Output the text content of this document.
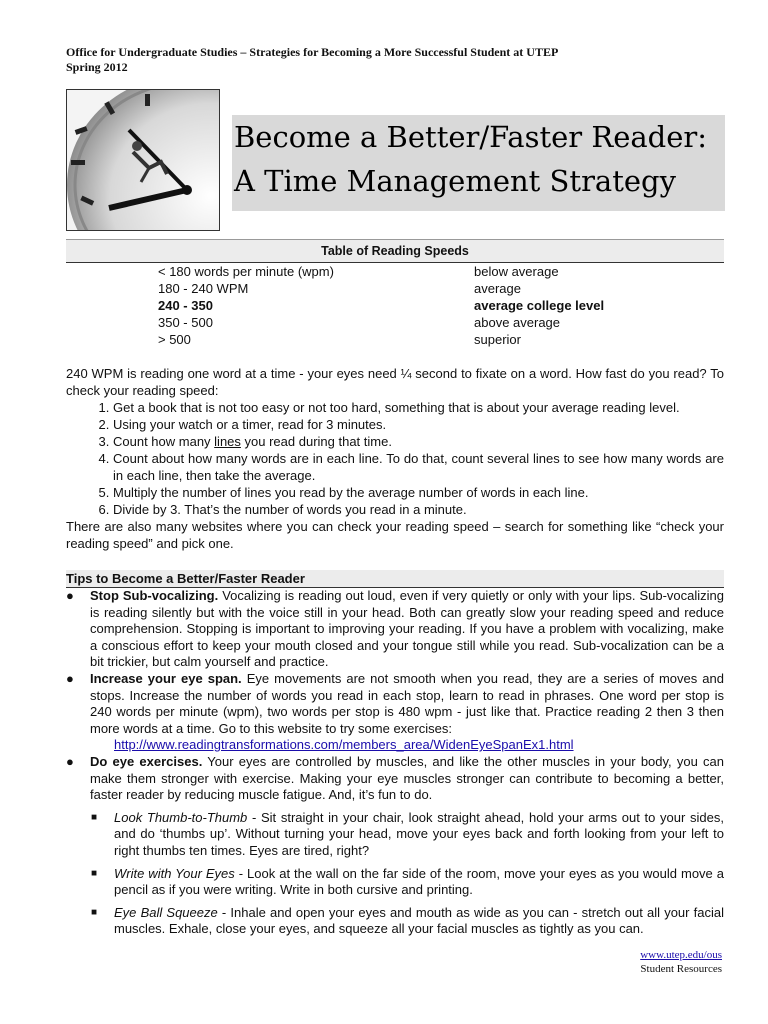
Office for Undergraduate Studies – Strategies for Becoming a More Successful Student at UTEP
Spring 2012
Become a Better/Faster Reader:
A Time Management Strategy
Table of Reading Speeds
< 180 words per minute (wpm)	below average
180 - 240 WPM	average
240 - 350	average college level
350 - 500	above average
> 500	superior

240 WPM is reading one word at a time - your eyes need ¼ second to fixate on a word. How fast do you read? To check your reading speed:

1. Get a book that is not too easy or not too hard, something that is about your average reading level.
2. Using your watch or a timer, read for 3 minutes.
3. Count how many lines you read during that time.
4. Count about how many words are in each line. To do that, count several lines to see how many words are in each line, then take the average.
5. Multiply the number of lines you read by the average number of words in each line.
6. Divide by 3. That’s the number of words you read in a minute.

There are also many websites where you can check your reading speed – search for something like “check your reading speed” and pick one.

Tips to Become a Better/Faster Reader
●	Stop Sub-vocalizing. Vocalizing is reading out loud, even if very quietly or only with your lips. Sub-vocalizing is reading silently but with the voice still in your head. Both can greatly slow your reading speed and reduce comprehension. Stopping is important to improving your reading. If you have a problem with vocalizing, make a conscious effort to keep your mouth closed and your tongue still while you read. Sub-vocalization can be a bit trickier, but calm yourself and practice.
●	Increase your eye span. Eye movements are not smooth when you read, they are a series of moves and stops. Increase the number of words you read in each stop, learn to read in phrases. One word per stop is 240 words per minute (wpm), two words per stop is 480 wpm - just like that. Practice reading 2 then 3 then more words at a time. Go to this website to try some exercises:
http://www.readingtransformations.com/members_area/WidenEyeSpanEx1.html
●	Do eye exercises. Your eyes are controlled by muscles, and like the other muscles in your body, you can make them stronger with exercise. Making your eye muscles stronger can contribute to becoming a better, faster reader by reducing muscle fatigue. And, it’s fun to do.
■ Look Thumb-to-Thumb - Sit straight in your chair, look straight ahead, hold your arms out to your sides, and do ‘thumbs up’. Without turning your head, move your eyes back and forth looking from your left to right thumbs ten times. Eyes are tired, right?
■ Write with Your Eyes - Look at the wall on the far side of the room, move your eyes as you would move a pencil as if you were writing. Write in both cursive and printing.
■ Eye Ball Squeeze - Inhale and open your eyes and mouth as wide as you can - stretch out all your facial muscles. Exhale, close your eyes, and squeeze all your facial muscles as tightly as you can.
www.utep.edu/ous
Student Resources
